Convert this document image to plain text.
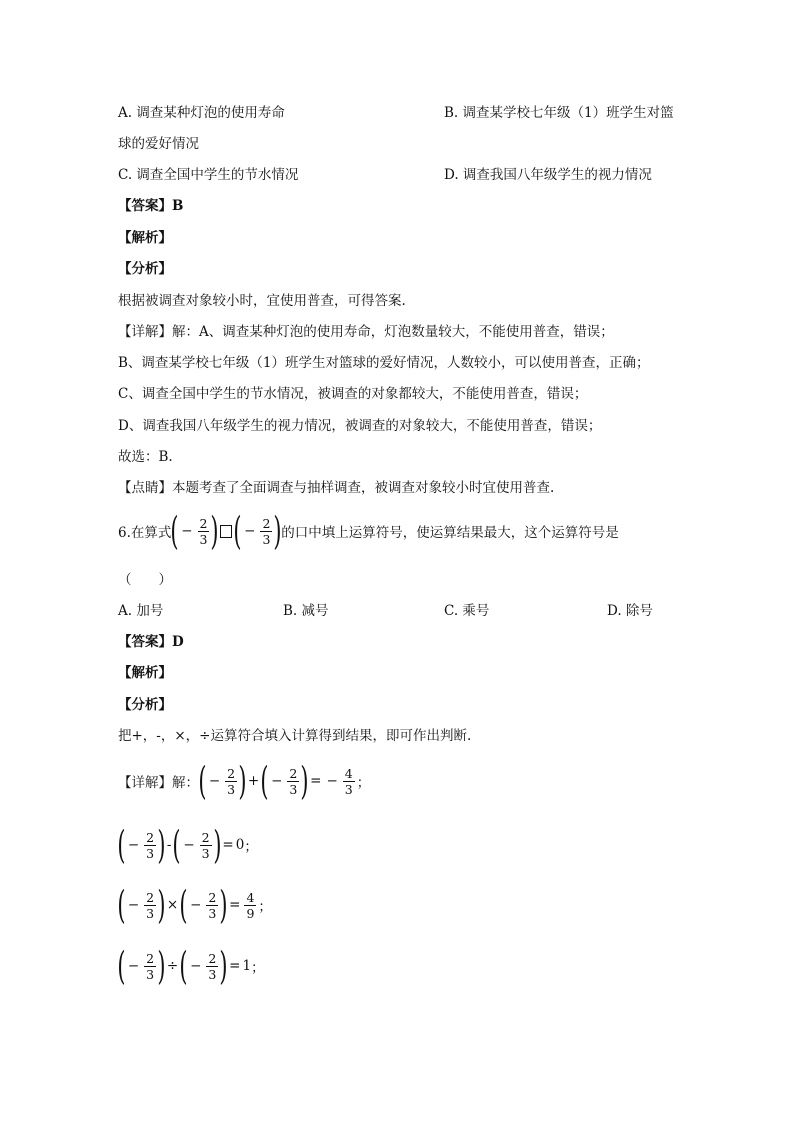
A. 调查某种灯泡的使用寿命	B. 调查某学校七年级（1）班学生对篮
球的爱好情况
C. 调查全国中学生的节水情况	D. 调查我国八年级学生的视力情况
【答案】B
【解析】
【分析】
根据被调查对象较小时，宜使用普查，可得答案.
【详解】解：A、调查某种灯泡的使用寿命，灯泡数量较大，不能使用普查，错误；
B、调查某学校七年级（1）班学生对篮球的爱好情况，人数较小，可以使用普查，正确；
C、调查全国中学生的节水情况，被调查的对象都较大，不能使用普查，错误；
D、调查我国八年级学生的视力情况，被调查的对象较大，不能使用普查，错误；
故选：B.
【点睛】本题考查了全面调查与抽样调查，被调查对象较小时宜使用普查.
6.在算式 ( − $\frac{2}{3}$ ) ( − $\frac{2}{3}$ ) 的口中填上运算符号，使运算结果最大，这个运算符号是
（　　）
A. 加号	B. 减号	C. 乘号	D. 除号
【答案】D
【解析】
【分析】
把+，-，×，÷运算符合填入计算得到结果，即可作出判断.
【详解】解： ( − $\frac{2}{3}$ ) + ( − $\frac{2}{3}$ ) = − $\frac{4}{3}$ ；
( − $\frac{2}{3}$ ) - ( − $\frac{2}{3}$ ) = 0 ；
( − $\frac{2}{3}$ ) × ( − $\frac{2}{3}$ ) = $\frac{4}{9}$ ；
( − $\frac{2}{3}$ ) ÷ ( − $\frac{2}{3}$ ) = 1 ；
